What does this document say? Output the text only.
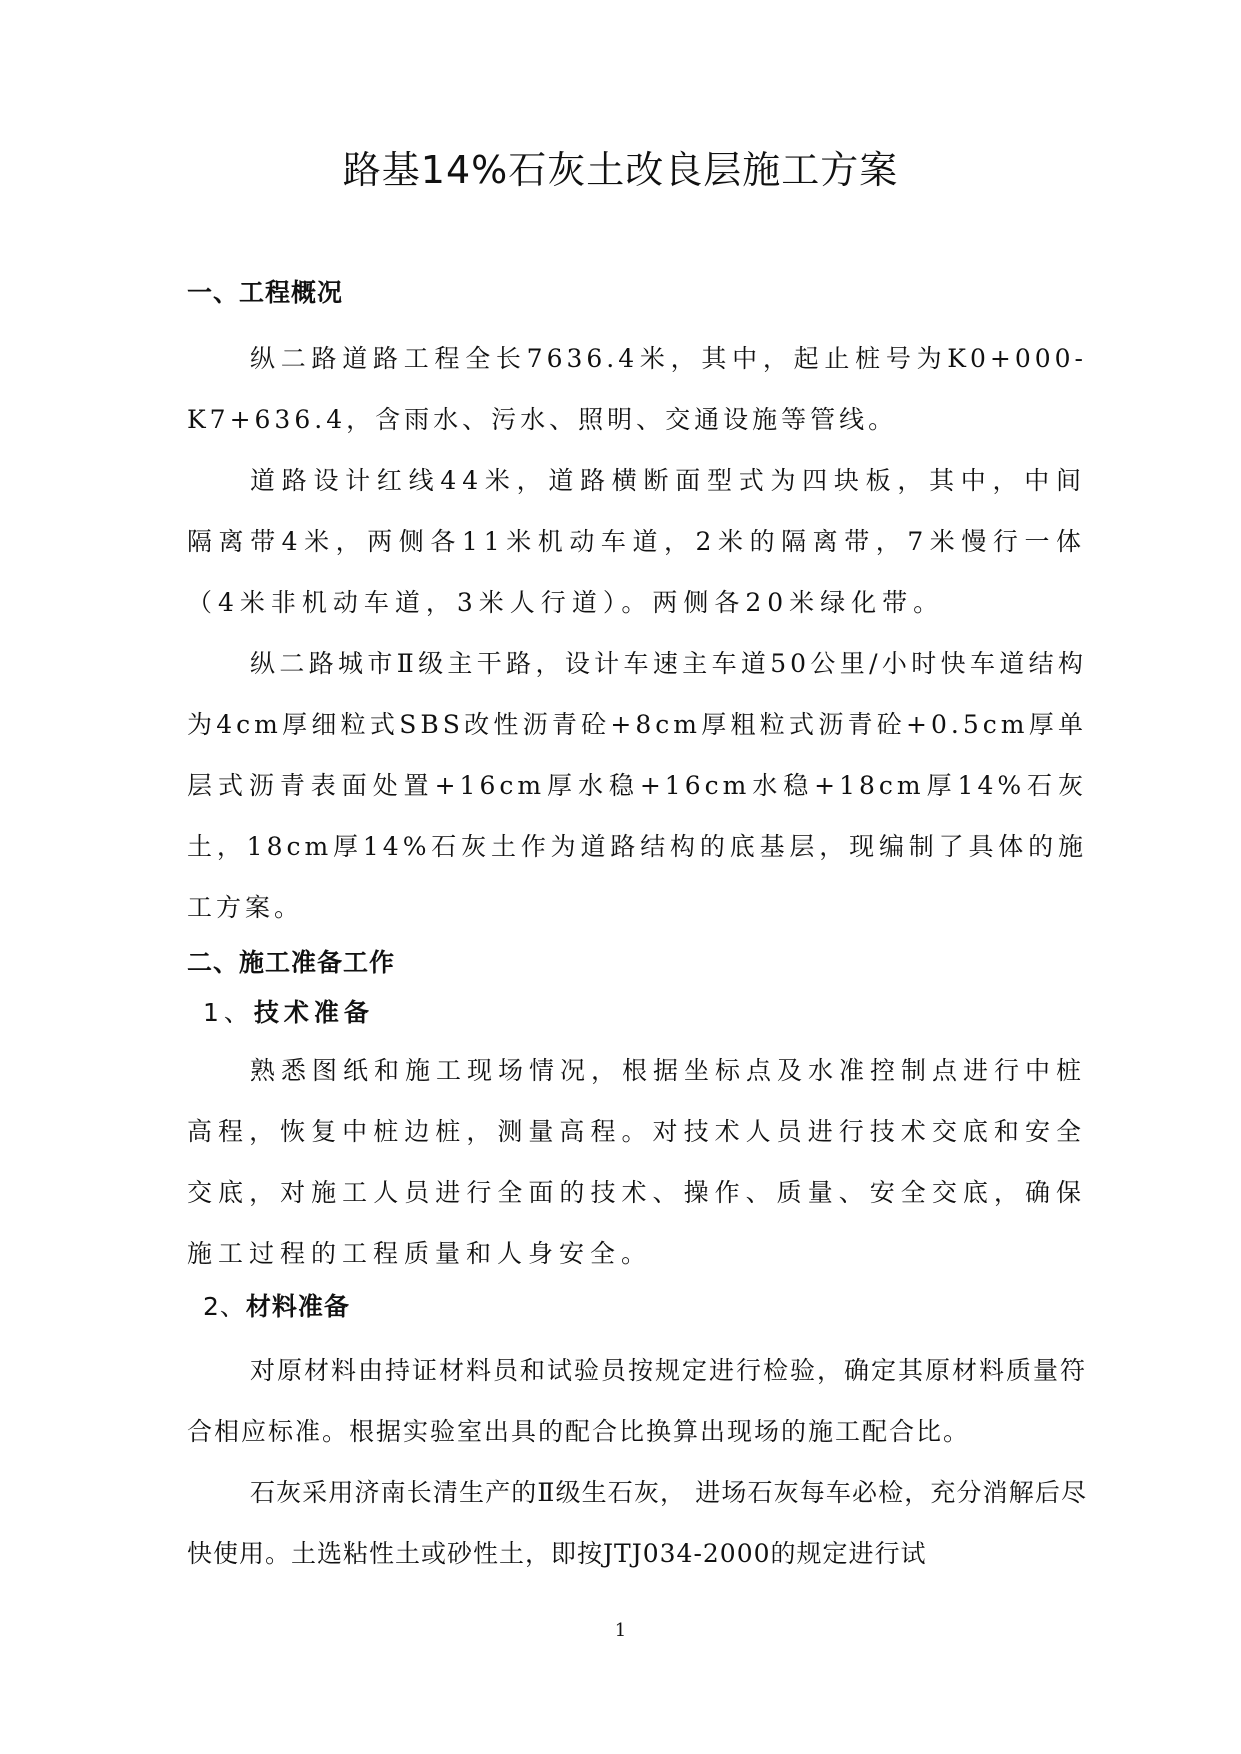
路基14%石灰土改良层施工方案
一、工程概况

纵二路道路工程全长7636.4米，其中，起止桩号为K0+000-K7+636.4，含雨水、污水、照明、交通设施等管线。

道路设计红线44米，道路横断面型式为四块板，其中，中间隔离带4米，两侧各11米机动车道，2米的隔离带，7米慢行一体（4米非机动车道，3米人行道）。两侧各20米绿化带。

纵二路城市Ⅱ级主干路，设计车速主车道50公里/小时快车道结构为4cm厚细粒式SBS改性沥青砼+8cm厚粗粒式沥青砼+0.5cm厚单层式沥青表面处置+16cm厚水稳+16cm水稳+18cm厚14%石灰土，18cm厚14%石灰土作为道路结构的底基层，现编制了具体的施工方案。

二、施工准备工作
1、技术准备

熟悉图纸和施工现场情况，根据坐标点及水准控制点进行中桩高程，恢复中桩边桩，测量高程。对技术人员进行技术交底和安全交底，对施工人员进行全面的技术、操作、质量、安全交底，确保施工过程的工程质量和人身安全。

2、材料准备

对原材料由持证材料员和试验员按规定进行检验，确定其原材料质量符合相应标准。根据实验室出具的配合比换算出现场的施工配合比。

石灰采用济南长清生产的Ⅱ级生石灰， 进场石灰每车必检，充分消解后尽快使用。土选粘性土或砂性土，即按JTJ034-2000的规定进行试

1
